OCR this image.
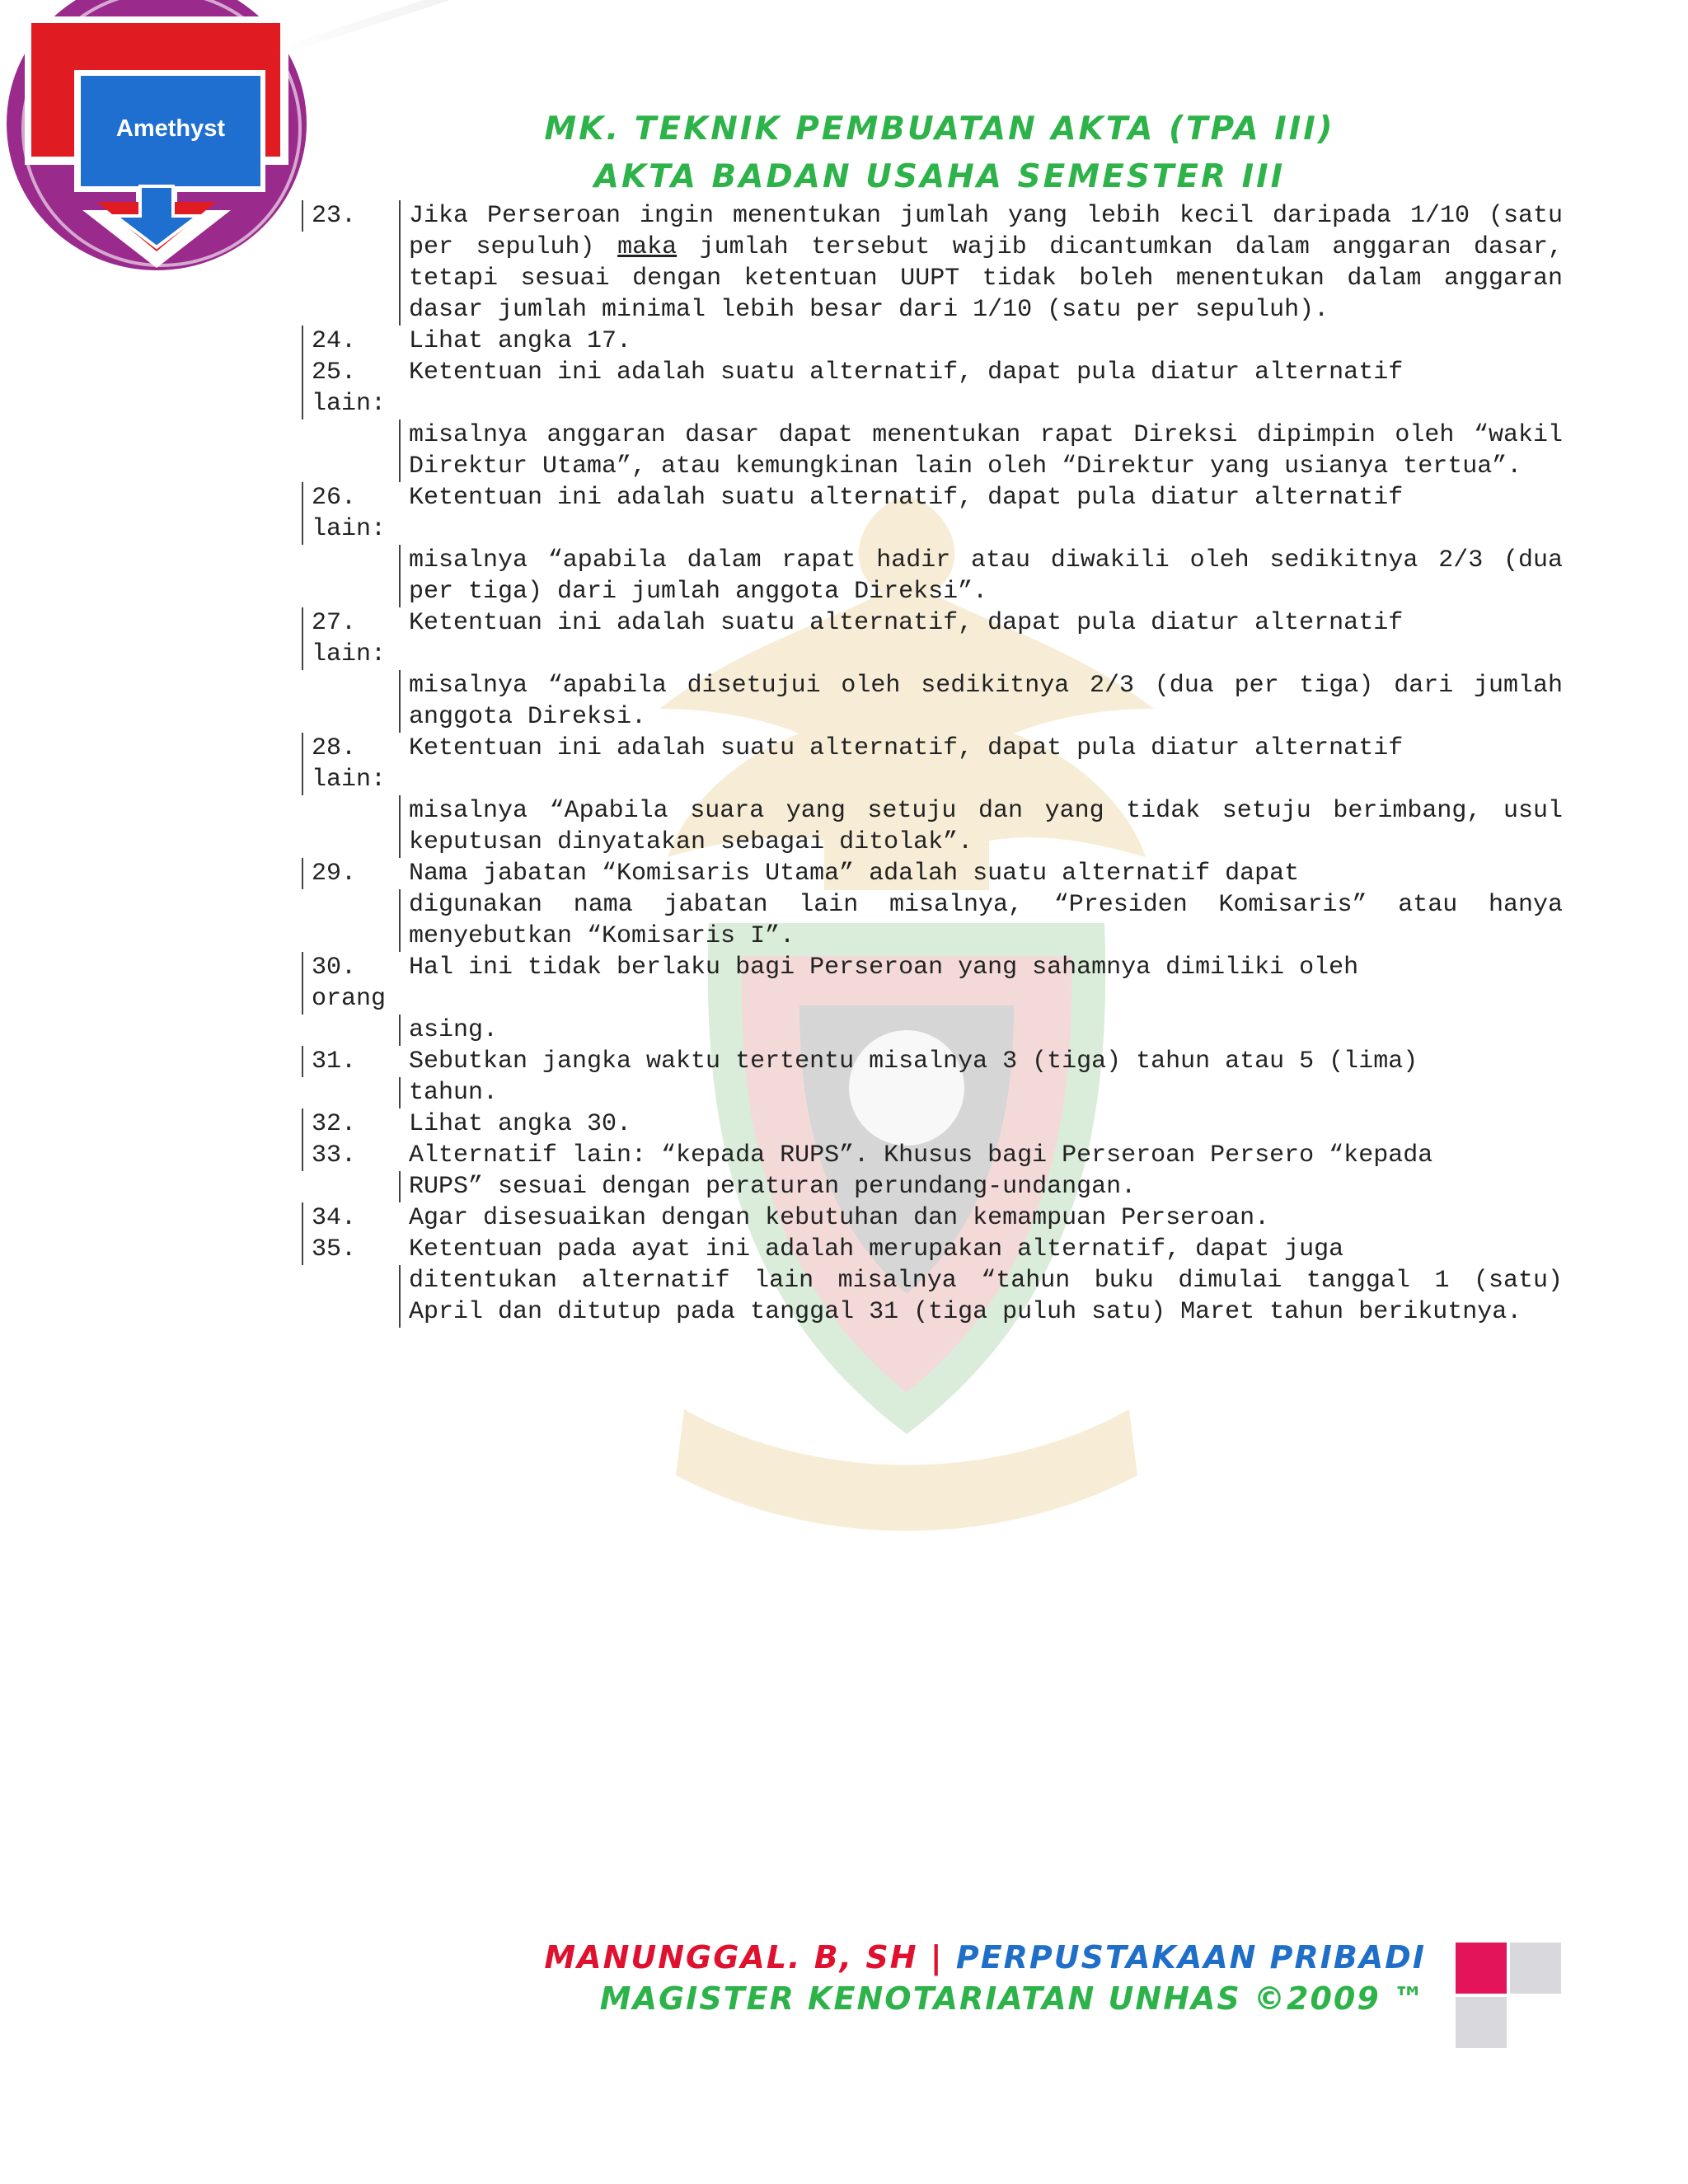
Amethyst	MK. TEKNIK PEMBUATAN AKTA (TPA III)
AKTA BADAN USAHA SEMESTER III
23.	Jika Perseroan ingin menentukan jumlah yang lebih kecil daripada 1/10 (satu per sepuluh) maka jumlah tersebut wajib dicantumkan dalam anggaran dasar, tetapi sesuai dengan ketentuan UUPT tidak boleh menentukan dalam anggaran dasar jumlah minimal lebih besar dari 1/10 (satu per sepuluh).
24.	Lihat angka 17.
25.	Ketentuan ini adalah suatu alternatif, dapat pula diatur alternatif
lain:
misalnya anggaran dasar dapat menentukan rapat Direksi dipimpin oleh “wakil Direktur Utama”, atau kemungkinan lain oleh “Direktur yang usianya tertua”.
26.	Ketentuan ini adalah suatu alternatif, dapat pula diatur alternatif
lain:
misalnya “apabila dalam rapat hadir atau diwakili oleh sedikitnya 2/3 (dua per tiga) dari jumlah anggota Direksi”.
27.	Ketentuan ini adalah suatu alternatif, dapat pula diatur alternatif
lain:
misalnya “apabila disetujui oleh sedikitnya 2/3 (dua per tiga) dari jumlah anggota Direksi.
28.	Ketentuan ini adalah suatu alternatif, dapat pula diatur alternatif
lain:
misalnya “Apabila suara yang setuju dan yang tidak setuju berimbang, usul keputusan dinyatakan sebagai ditolak”.
29.	Nama jabatan “Komisaris Utama” adalah suatu alternatif dapat
digunakan nama jabatan lain misalnya, “Presiden Komisaris” atau hanya menyebutkan “Komisaris I”.
30.	Hal ini tidak berlaku bagi Perseroan yang sahamnya dimiliki oleh
orang
asing.
31.	Sebutkan jangka waktu tertentu misalnya 3 (tiga) tahun atau 5 (lima)
tahun.
32.	Lihat angka 30.
33.	Alternatif lain: “kepada RUPS”. Khusus bagi Perseroan Persero “kepada
RUPS” sesuai dengan peraturan perundang-undangan.
34.	Agar disesuaikan dengan kebutuhan dan kemampuan Perseroan.
35.	Ketentuan pada ayat ini adalah merupakan alternatif, dapat juga
ditentukan alternatif lain misalnya “tahun buku dimulai tanggal 1 (satu) April dan ditutup pada tanggal 31 (tiga puluh satu) Maret tahun berikutnya.
MANUNGGAL. B, SH | PERPUSTAKAAN PRIBADI
MAGISTER KENOTARIATAN UNHAS ©2009 ™
